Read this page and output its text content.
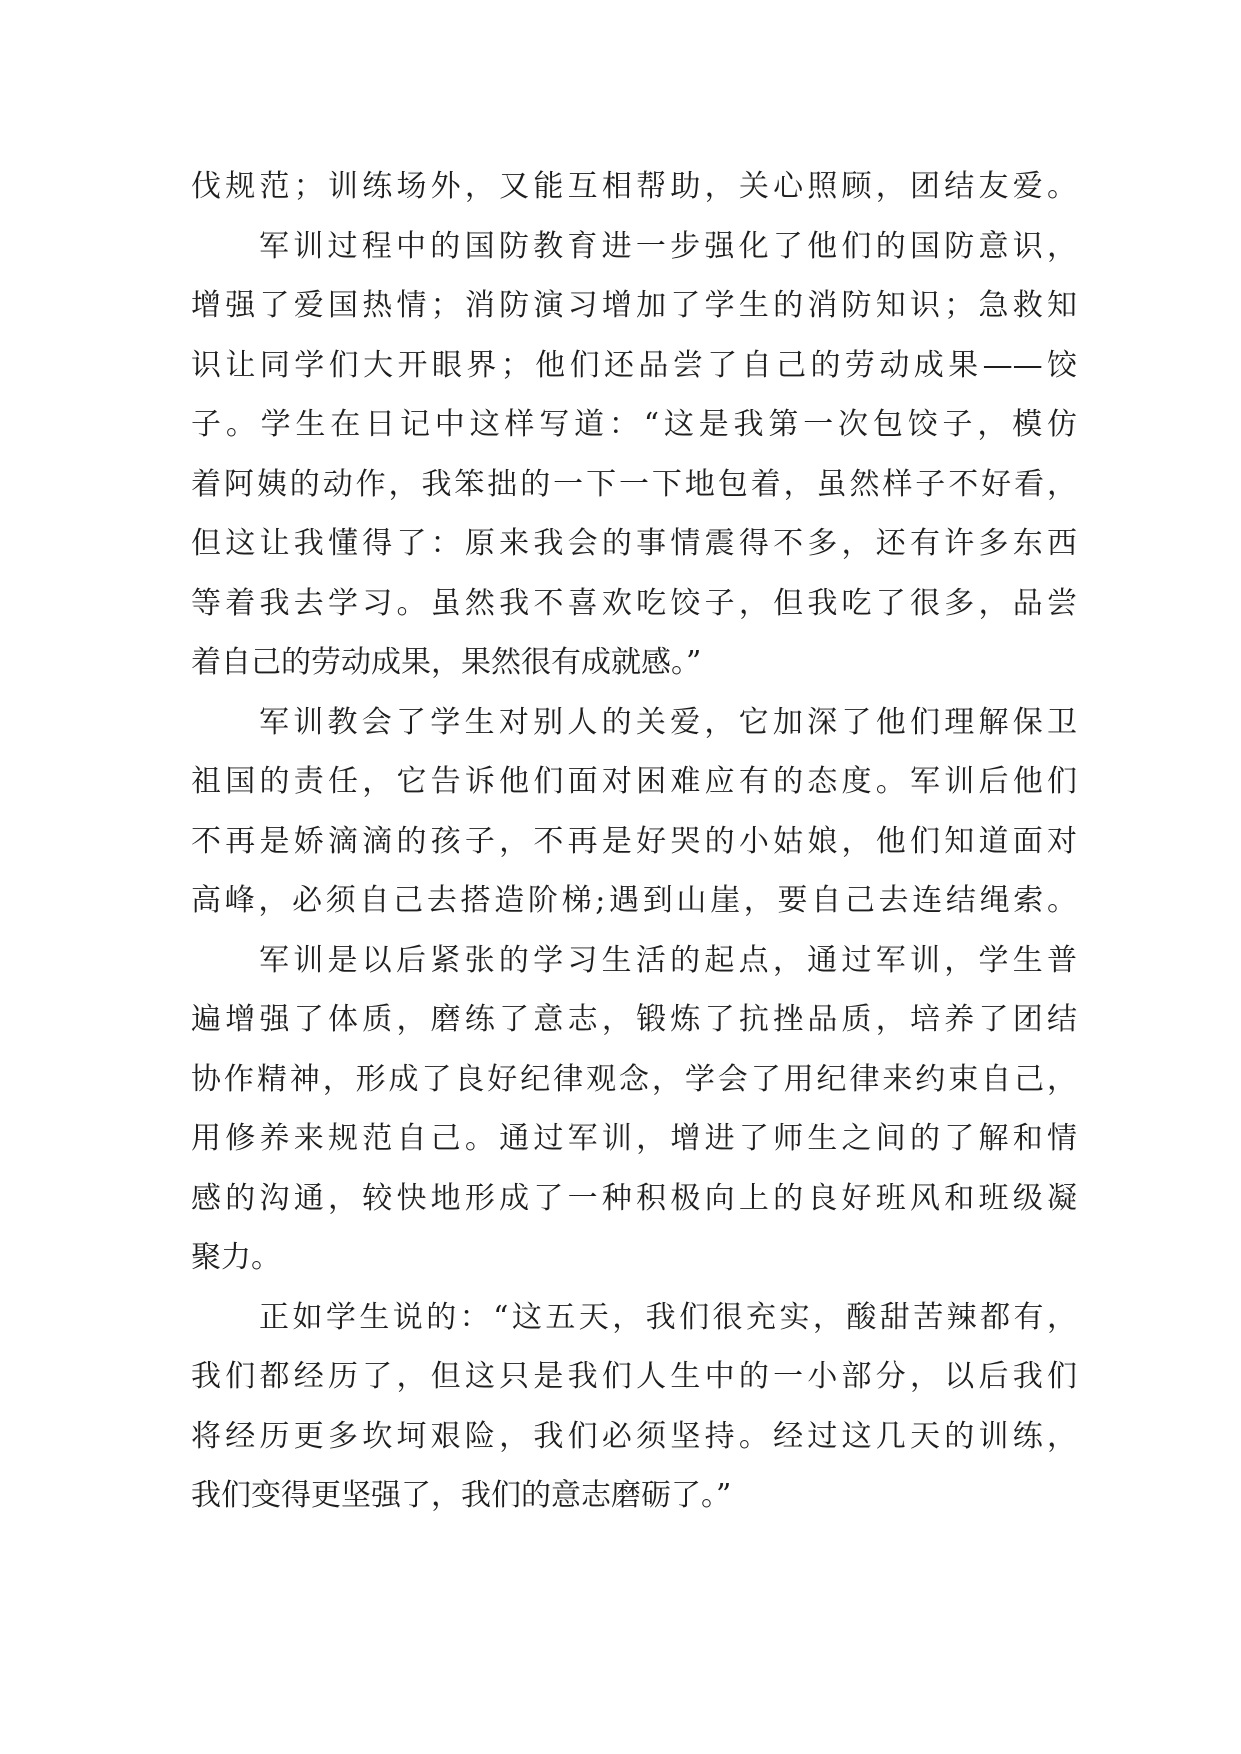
伐规范；训练场外，又能互相帮助，关心照顾，团结友爱。
军训过程中的国防教育进一步强化了他们的国防意识，
增强了爱国热情；消防演习增加了学生的消防知识；急救知
识让同学们大开眼界；他们还品尝了自己的劳动成果——饺
子。学生在日记中这样写道：“这是我第一次包饺子，模仿
着阿姨的动作，我笨拙的一下一下地包着，虽然样子不好看，
但这让我懂得了：原来我会的事情震得不多，还有许多东西
等着我去学习。虽然我不喜欢吃饺子，但我吃了很多，品尝
着自己的劳动成果，果然很有成就感。”
军训教会了学生对别人的关爱，它加深了他们理解保卫
祖国的责任，它告诉他们面对困难应有的态度。军训后他们
不再是娇滴滴的孩子，不再是好哭的小姑娘，他们知道面对
高峰，必须自己去搭造阶梯;遇到山崖，要自己去连结绳索。
军训是以后紧张的学习生活的起点，通过军训，学生普
遍增强了体质，磨练了意志，锻炼了抗挫品质，培养了团结
协作精神，形成了良好纪律观念，学会了用纪律来约束自己，
用修养来规范自己。通过军训，增进了师生之间的了解和情
感的沟通，较快地形成了一种积极向上的良好班风和班级凝
聚力。
正如学生说的：“这五天，我们很充实，酸甜苦辣都有，
我们都经历了，但这只是我们人生中的一小部分，以后我们
将经历更多坎坷艰险，我们必须坚持。经过这几天的训练，
我们变得更坚强了，我们的意志磨砺了。”
